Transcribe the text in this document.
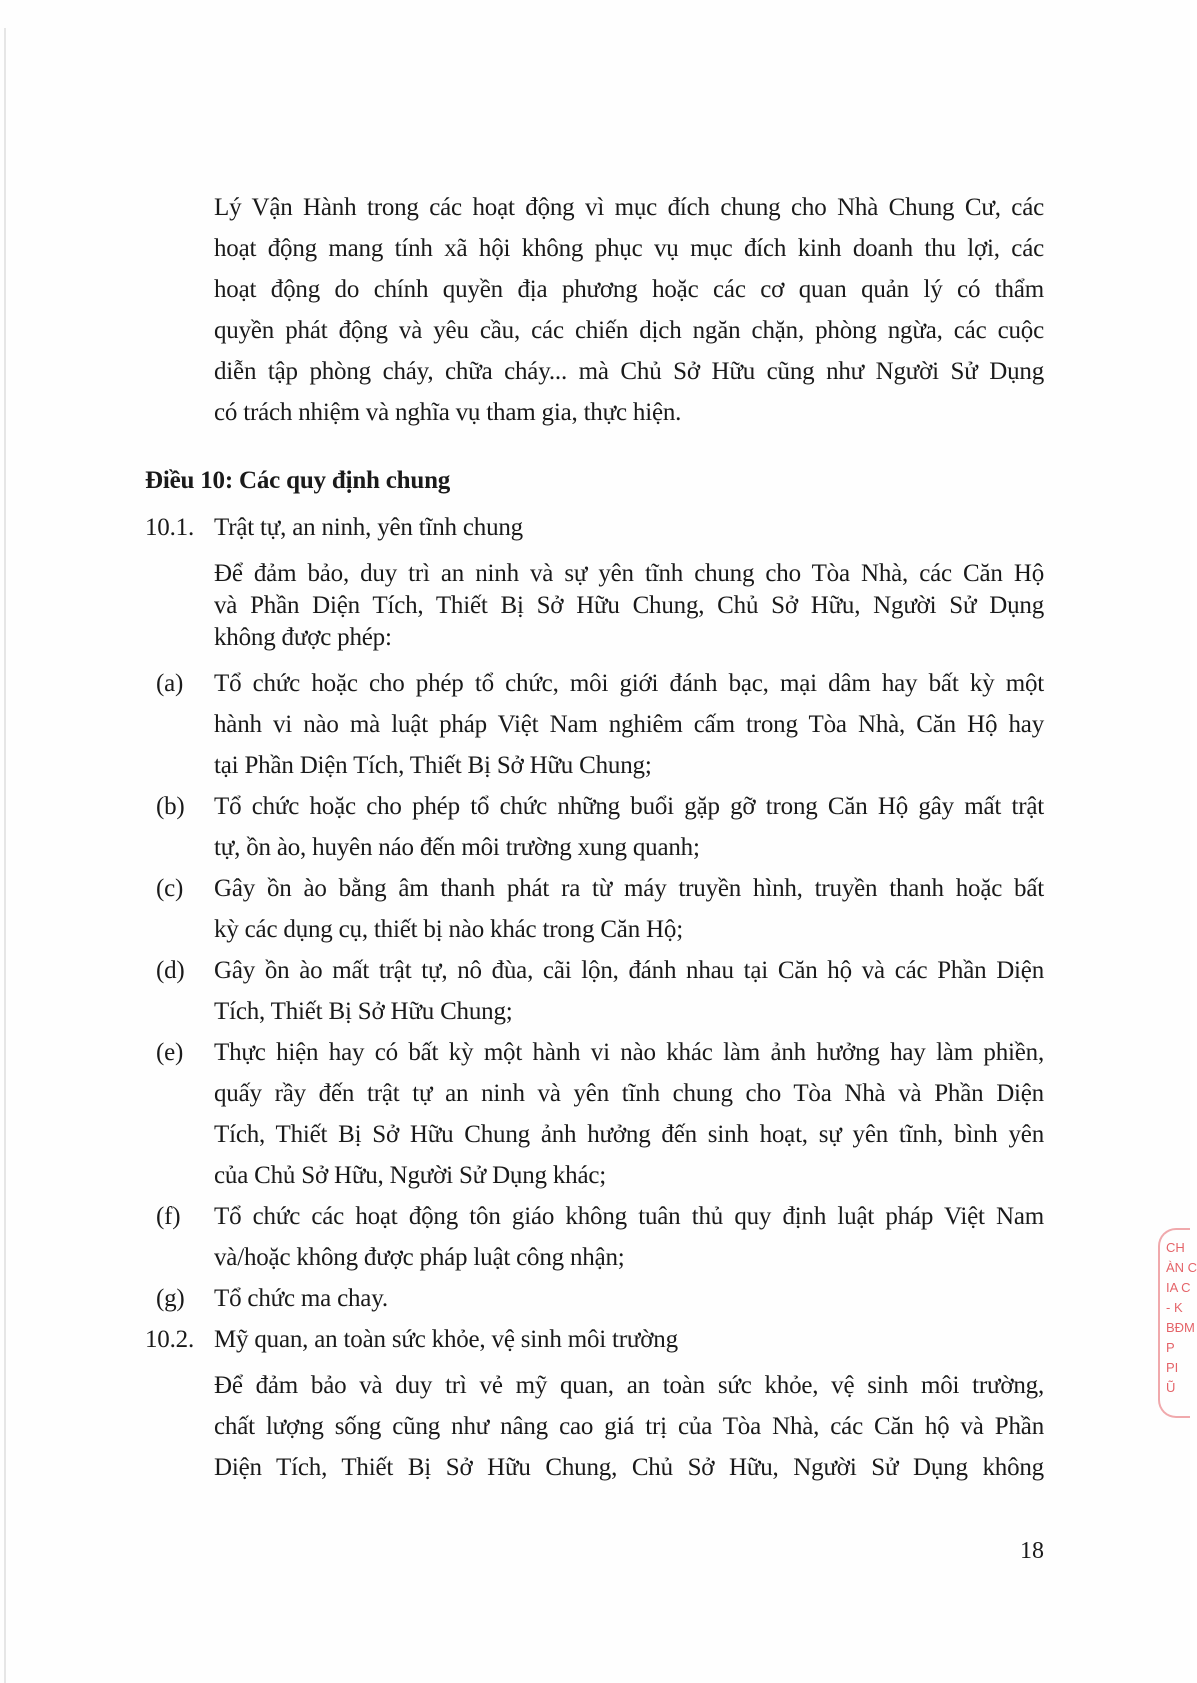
Lý Vận Hành trong các hoạt động vì mục đích chung cho Nhà Chung Cư, các
hoạt động mang tính xã hội không phục vụ mục đích kinh doanh thu lợi, các
hoạt động do chính quyền địa phương hoặc các cơ quan quản lý có thẩm
quyền phát động và yêu cầu, các chiến dịch ngăn chặn, phòng ngừa, các cuộc
diễn tập phòng cháy, chữa cháy... mà Chủ Sở Hữu cũng như Người Sử Dụng
có trách nhiệm và nghĩa vụ tham gia, thực hiện.
Điều 10: Các quy định chung
10.1. Trật tự, an ninh, yên tĩnh chung
Để đảm bảo, duy trì an ninh và sự yên tĩnh chung cho Tòa Nhà, các Căn Hộ
và Phần Diện Tích, Thiết Bị Sở Hữu Chung, Chủ Sở Hữu, Người Sử Dụng
không được phép:
(a) Tổ chức hoặc cho phép tổ chức, môi giới đánh bạc, mại dâm hay bất kỳ một
hành vi nào mà luật pháp Việt Nam nghiêm cấm trong Tòa Nhà, Căn Hộ hay
tại Phần Diện Tích, Thiết Bị Sở Hữu Chung;
(b) Tổ chức hoặc cho phép tổ chức những buổi gặp gỡ trong Căn Hộ gây mất trật
tự, ồn ào, huyên náo đến môi trường xung quanh;
(c) Gây ồn ào bằng âm thanh phát ra từ máy truyền hình, truyền thanh hoặc bất
kỳ các dụng cụ, thiết bị nào khác trong Căn Hộ;
(d) Gây ồn ào mất trật tự, nô đùa, cãi lộn, đánh nhau tại Căn hộ và các Phần Diện
Tích, Thiết Bị Sở Hữu Chung;
(e) Thực hiện hay có bất kỳ một hành vi nào khác làm ảnh hưởng hay làm phiền,
quấy rầy đến trật tự an ninh và yên tĩnh chung cho Tòa Nhà và Phần Diện
Tích, Thiết Bị Sở Hữu Chung ảnh hưởng đến sinh hoạt, sự yên tĩnh, bình yên
của Chủ Sở Hữu, Người Sử Dụng khác;
(f) Tổ chức các hoạt động tôn giáo không tuân thủ quy định luật pháp Việt Nam
và/hoặc không được pháp luật công nhận;
(g) Tổ chức ma chay.
10.2. Mỹ quan, an toàn sức khỏe, vệ sinh môi trường
Để đảm bảo và duy trì vẻ mỹ quan, an toàn sức khỏe, vệ sinh môi trường,
chất lượng sống cũng như nâng cao giá trị của Tòa Nhà, các Căn hộ và Phần
Diện Tích, Thiết Bị Sở Hữu Chung, Chủ Sở Hữu, Người Sử Dụng không
18
CH
ÀN C
IA C
- K
BĐM
P
PI
Ũ
